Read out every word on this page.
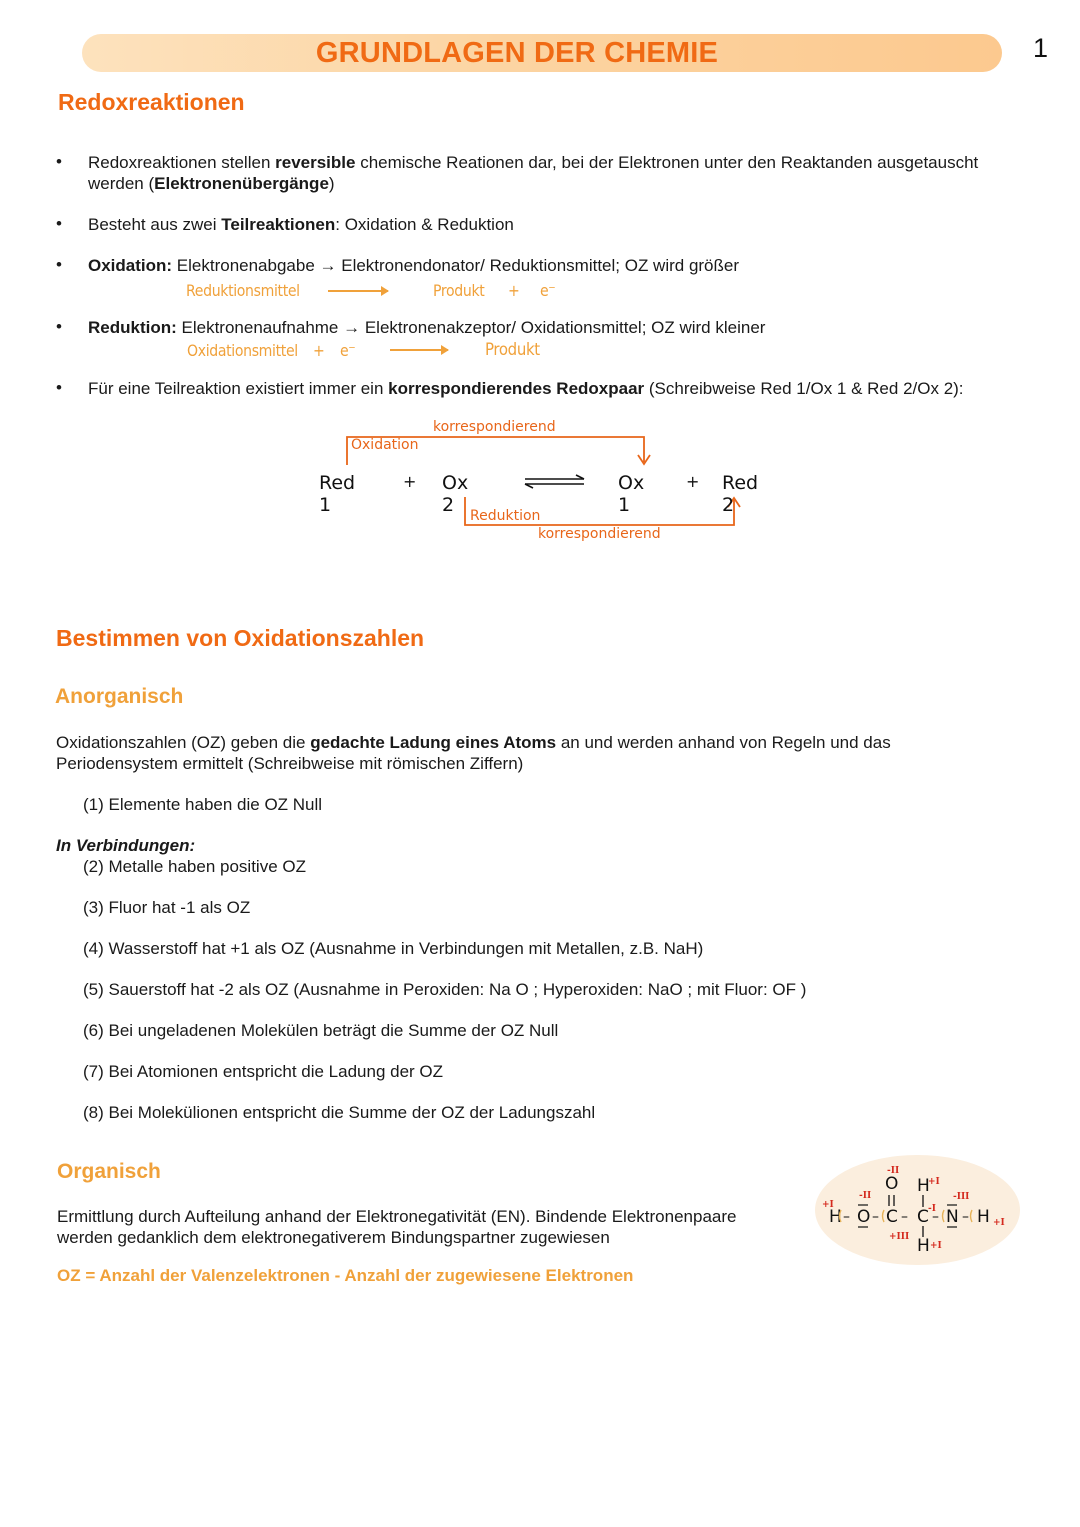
GRUNDLAGEN DER CHEMIE	1
Redoxreaktionen
• Redoxreaktionen stellen reversible chemische Reationen dar, bei der Elektronen unter den Reaktanden ausgetauscht
werden (Elektronenübergänge)
• Besteht aus zwei Teilreaktionen: Oxidation & Reduktion
• Oxidation: Elektronenabgabe → Elektronendonator/ Reduktionsmittel; OZ wird größer
Reduktionsmittel	Produkt + e⁻
• Reduktion: Elektronenaufnahme → Elektronenakzeptor/ Oxidationsmittel; OZ wird kleiner
Oxidationsmittel + e⁻	Produkt
• Für eine Teilreaktion existiert immer ein korrespondierendes Redoxpaar (Schreibweise Red 1/Ox 1 & Red 2/Ox 2):
korrespondierend
Oxidation
Red 1
+ Ox 2
Ox 1
+ Red 2
Reduktion
korrespondierend
Bestimmen von Oxidationszahlen
Anorganisch
Oxidationszahlen (OZ) geben die gedachte Ladung eines Atoms an und werden anhand von Regeln und das
Periodensystem ermittelt (Schreibweise mit römischen Ziffern)
(1) Elemente haben die OZ Null
In Verbindungen:
(2) Metalle haben positive OZ
(3) Fluor hat -1 als OZ
(4) Wasserstoff hat +1 als OZ (Ausnahme in Verbindungen mit Metallen, z.B. NaH)
(5) Sauerstoff hat -2 als OZ (Ausnahme in Peroxiden: Na O ; Hyperoxiden: NaO ; mit Fluor: OF )
(6) Bei ungeladenen Molekülen beträgt die Summe der OZ Null
(7) Bei Atomionen entspricht die Ladung der OZ
(8) Bei Molekülionen entspricht die Summe der OZ der Ladungszahl
Organisch
Ermittlung durch Aufteilung anhand der Elektronegativität (EN). Bindende Elektronenpaare
werden gedanklich dem elektronegativerem Bindungspartner zugewiesen
OZ = Anzahl der Valenzelektronen - Anzahl der zugewiesene Elektronen
H – O – C – C – N – H
O H
H
+I
-II
+III
-II
+I
-I
-III
+I
+I
